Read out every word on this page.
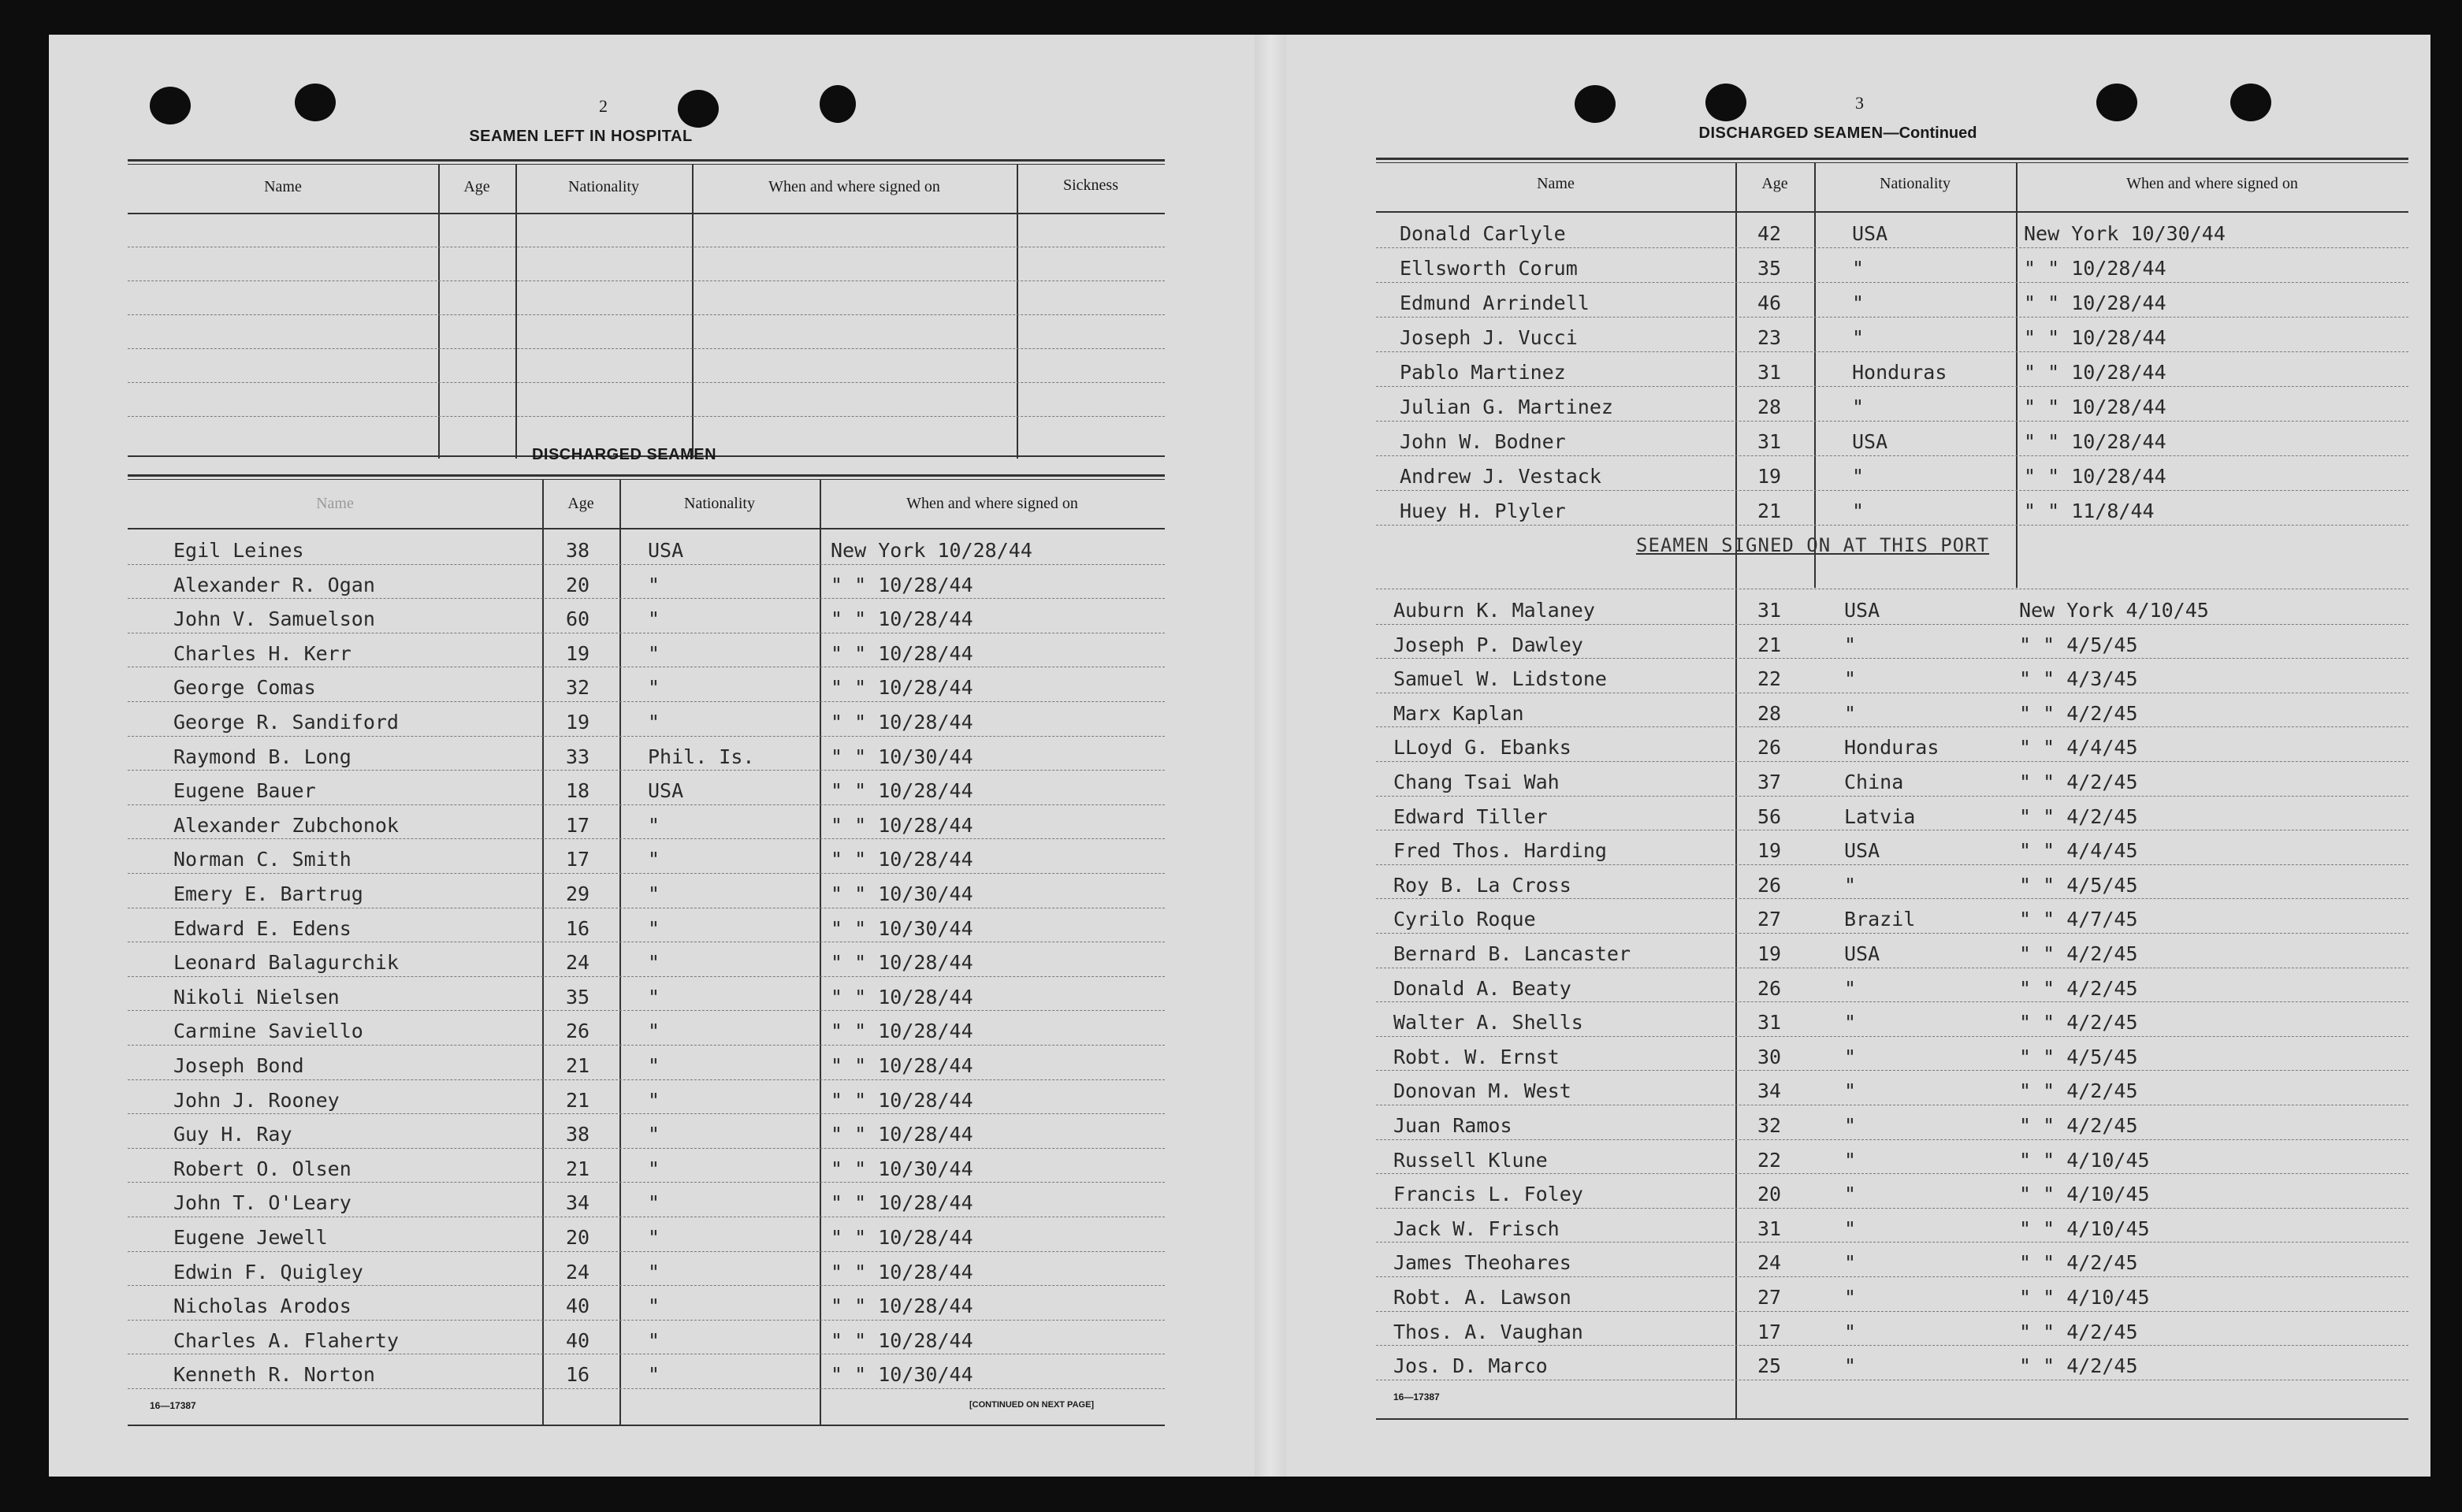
2
SEAMEN LEFT IN HOSPITAL
Name	Age	Nationality	When and where signed on	Sickness
DISCHARGED SEAMEN
Name	Age	Nationality	When and where signed on
Egil Leines	38	USA	New York 10/28/44
Alexander R. Ogan	20	"	" " 10/28/44
John V. Samuelson	60	"	" " 10/28/44
Charles H. Kerr	19	"	" " 10/28/44
George Comas	32	"	" " 10/28/44
George R. Sandiford	19	"	" " 10/28/44
Raymond B. Long	33	Phil. Is.	" " 10/30/44
Eugene Bauer	18	USA	" " 10/28/44
Alexander Zubchonok	17	"	" " 10/28/44
Norman C. Smith	17	"	" " 10/28/44
Emery E. Bartrug	29	"	" " 10/30/44
Edward E. Edens	16	"	" " 10/30/44
Leonard Balagurchik	24	"	" " 10/28/44
Nikoli Nielsen	35	"	" " 10/28/44
Carmine Saviello	26	"	" " 10/28/44
Joseph Bond	21	"	" " 10/28/44
John J. Rooney	21	"	" " 10/28/44
Guy H. Ray	38	"	" " 10/28/44
Robert O. Olsen	21	"	" " 10/30/44
John T. O'Leary	34	"	" " 10/28/44
Eugene Jewell	20	"	" " 10/28/44
Edwin F. Quigley	24	"	" " 10/28/44
Nicholas Arodos	40	"	" " 10/28/44
Charles A. Flaherty	40	"	" " 10/28/44
Kenneth R. Norton	16	"	" " 10/30/44
16—17387	[CONTINUED ON NEXT PAGE]
3
DISCHARGED SEAMEN—Continued
Name	Age	Nationality	When and where signed on
Donald Carlyle	42	USA	New York 10/30/44
Ellsworth Corum	35	"	" " 10/28/44
Edmund Arrindell	46	"	" " 10/28/44
Joseph J. Vucci	23	"	" " 10/28/44
Pablo Martinez	31	Honduras	" " 10/28/44
Julian G. Martinez	28	"	" " 10/28/44
John W. Bodner	31	USA	" " 10/28/44
Andrew J. Vestack	19	"	" " 10/28/44
Huey H. Plyler	21	"	" " 11/8/44
SEAMEN SIGNED ON AT THIS PORT
Auburn K. Malaney	31	USA	New York 4/10/45
Joseph P. Dawley	21	"	" " 4/5/45
Samuel W. Lidstone	22	"	" " 4/3/45
Marx Kaplan	28	"	" " 4/2/45
LLoyd G. Ebanks	26	Honduras	" " 4/4/45
Chang Tsai Wah	37	China	" " 4/2/45
Edward Tiller	56	Latvia	" " 4/2/45
Fred Thos. Harding	19	USA	" " 4/4/45
Roy B. La Cross	26	"	" " 4/5/45
Cyrilo Roque	27	Brazil	" " 4/7/45
Bernard B. Lancaster	19	USA	" " 4/2/45
Donald A. Beaty	26	"	" " 4/2/45
Walter A. Shells	31	"	" " 4/2/45
Robt. W. Ernst	30	"	" " 4/5/45
Donovan M. West	34	"	" " 4/2/45
Juan Ramos	32	"	" " 4/2/45
Russell Klune	22	"	" " 4/10/45
Francis L. Foley	20	"	" " 4/10/45
Jack W. Frisch	31	"	" " 4/10/45
James Theohares	24	"	" " 4/2/45
Robt. A. Lawson	27	"	" " 4/10/45
Thos. A. Vaughan	17	"	" " 4/2/45
Jos. D. Marco	25	"	" " 4/2/45
16—17387
